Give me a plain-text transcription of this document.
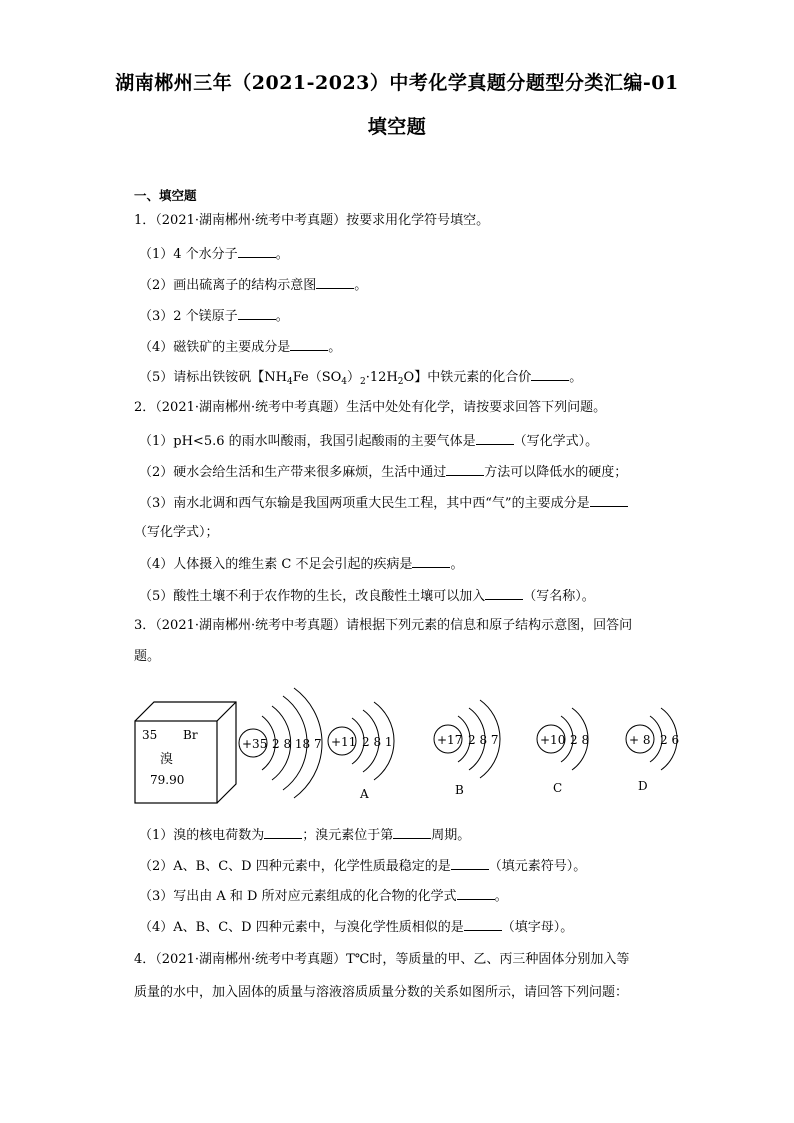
湖南郴州三年（2021-2023）中考化学真题分题型分类汇编-01
填空题
一、填空题
1．（2021·湖南郴州·统考中考真题）按要求用化学符号填空。
（1）4 个水分子	。
（2）画出硫离子的结构示意图	。
（3）2 个镁原子	。
（4）磁铁矿的主要成分是	。
（5）请标出铁铵矾【$NH_4Fe(SO_4)_2\cdot 12H_2O$】中铁元素的化合价	。
2．（2021·湖南郴州·统考中考真题）生活中处处有化学，请按要求回答下列问题。
（1）pH<5.6 的雨水叫酸雨，我国引起酸雨的主要气体是	（写化学式）。
（2）硬水会给生活和生产带来很多麻烦，生活中通过	方法可以降低水的硬度；
（3）南水北调和西气东输是我国两项重大民生工程，其中西“气”的主要成分是
（写化学式）；
（4）人体摄入的维生素 C 不足会引起的疾病是	。
（5）酸性土壤不利于农作物的生长，改良酸性土壤可以加入	（写名称）。
3．（2021·湖南郴州·统考中考真题）请根据下列元素的信息和原子结构示意图，回答问
题。
35 Br
溴
79.90
+35 2 8 18 7 +11 2 8 1
A
+17 2 8 7
B
+10 2 8
C
+ 8 2 6
D
（1）溴的核电荷数为	；溴元素位于第	周期。
（2）A、B、C、D 四种元素中，化学性质最稳定的是	（填元素符号）。
（3）写出由 A 和 D 所对应元素组成的化合物的化学式	。
（4）A、B、C、D 四种元素中，与溴化学性质相似的是	（填字母）。
4．（2021·湖南郴州·统考中考真题）T℃时，等质量的甲、乙、丙三种固体分别加入等
质量的水中，加入固体的质量与溶液溶质质量分数的关系如图所示，请回答下列问题：
